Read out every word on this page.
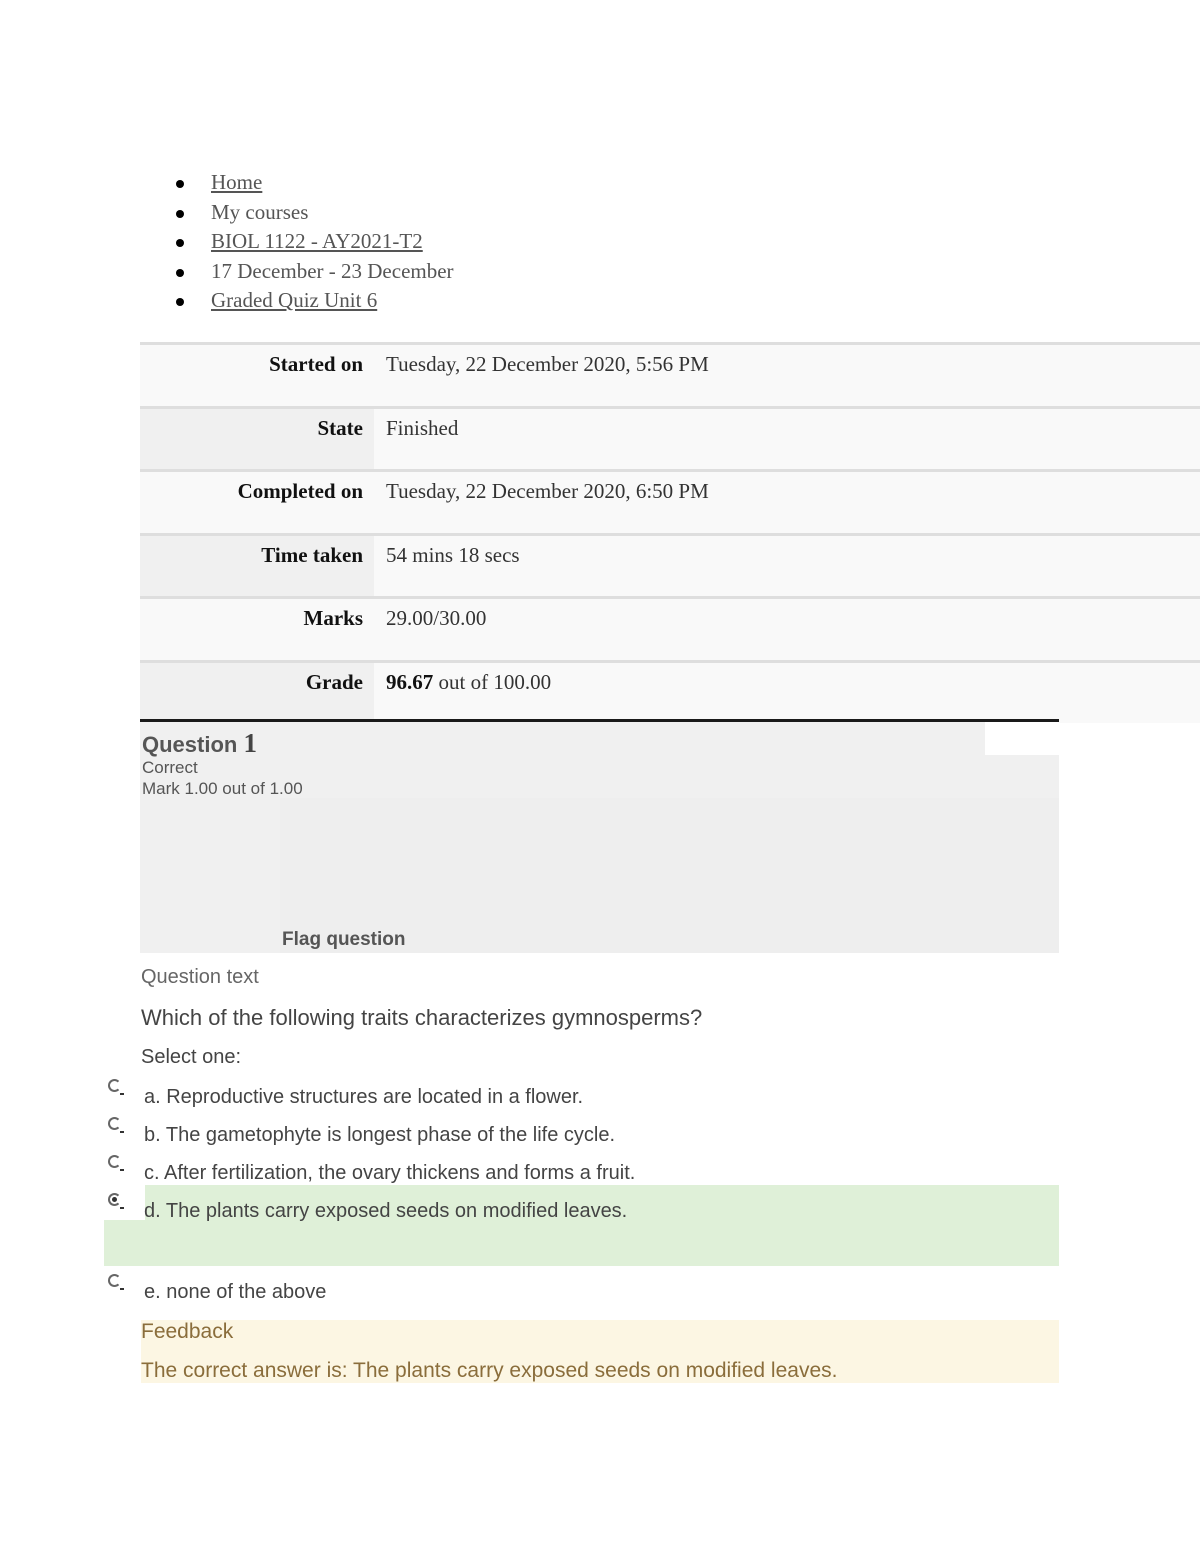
Home
My courses
BIOL 1122 - AY2021-T2
17 December - 23 December
Graded Quiz Unit 6
Started on	Tuesday, 22 December 2020, 5:56 PM
State	Finished
Completed on	Tuesday, 22 December 2020, 6:50 PM
Time taken	54 mins 18 secs
Marks	29.00/30.00
Grade	96.67 out of 100.00
Question 1
Correct
Mark 1.00 out of 1.00
Flag question
Question text
Which of the following traits characterizes gymnosperms?
Select one:
a. Reproductive structures are located in a flower.
b. The gametophyte is longest phase of the life cycle.
c. After fertilization, the ovary thickens and forms a fruit.
d. The plants carry exposed seeds on modified leaves.
e. none of the above
Feedback
The correct answer is: The plants carry exposed seeds on modified leaves.
